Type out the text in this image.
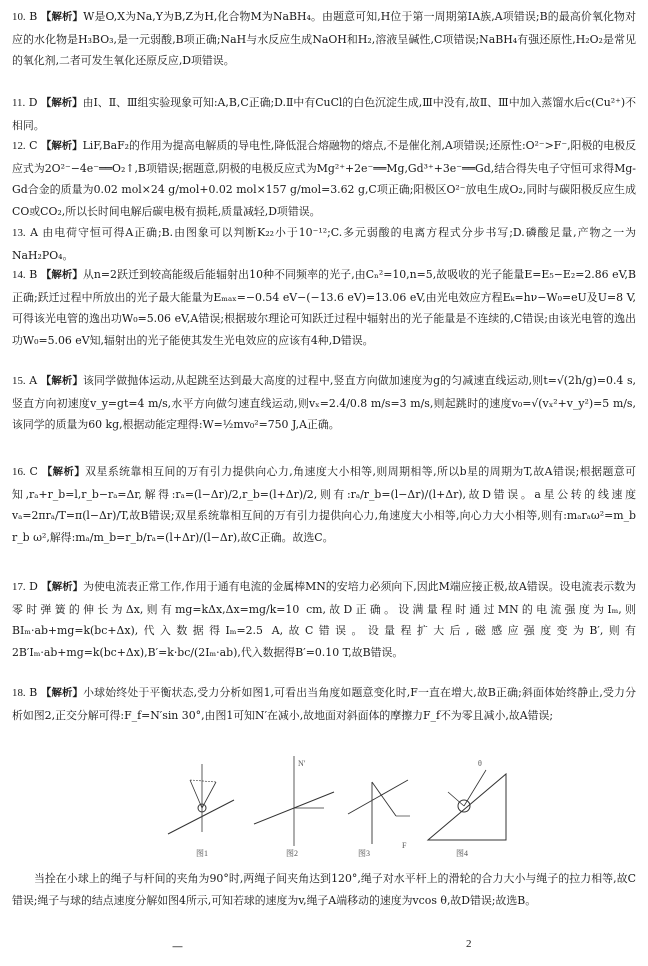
10. B 【解析】W是O,X为Na,Y为B,Z为H,化合物M为NaBH₄。由题意可知,H位于第一周期第ⅠA族,A项错误;B的最高价氧化物对应的水化物是H₃BO₃,是一元弱酸,B项正确;NaH与水反应生成NaOH和H₂,溶液呈碱性,C项错误;NaBH₄有强还原性,H₂O₂是常见的氧化剂,二者可发生氧化还原反应,D项错误。
11. D 【解析】由Ⅰ、Ⅱ、Ⅲ组实验现象可知:A,B,C正确;D.Ⅱ中有CuCl的白色沉淀生成,Ⅲ中没有,故Ⅱ、Ⅲ中加入蒸馏水后c(Cu²⁺)不相同。
12. C 【解析】LiF,BaF₂的作用为提高电解质的导电性,降低混合熔融物的熔点,不是催化剂,A项错误;还原性:O²⁻>F⁻,阳极的电极反应式为2O²⁻−4e⁻══O₂↑,B项错误;据题意,阴极的电极反应式为Mg²⁺+2e⁻══Mg,Gd³⁺+3e⁻══Gd,结合得失电子守恒可求得Mg-Gd合金的质量为0.02 mol×24 g/mol+0.02 mol×157 g/mol=3.62 g,C项正确;阳极区O²⁻放电生成O₂,同时与碳阳极反应生成CO或CO₂,所以长时间电解后碳电极有损耗,质量减轻,D项错误。
13. A 由电荷守恒可得A正确;B.由图象可以判断K₂₂小于10⁻¹²;C.多元弱酸的电离方程式分步书写;D.磷酸足量,产物之一为NaH₂PO₄。
14. B 【解析】从n=2跃迁到较高能级后能辐射出10种不同频率的光子,由Cₙ²=10,n=5,故吸收的光子能量E=E₅−E₂=2.86 eV,B正确;跃迁过程中所放出的光子最大能量为Eₘₐₓ=−0.54 eV−(−13.6 eV)=13.06 eV,由光电效应方程Eₖ=hν−W₀=eU及U=8 V,可得该光电管的逸出功W₀=5.06 eV,A错误;根据玻尔理论可知跃迁过程中辐射出的光子能量是不连续的,C错误;由该光电管的逸出功W₀=5.06 eV知,辐射出的光子能使其发生光电效应的应该有4种,D错误。
15. A 【解析】该同学做抛体运动,从起跳至达到最大高度的过程中,竖直方向做加速度为g的匀减速直线运动,则t=√(2h/g)=0.4 s,竖直方向初速度v_y=gt=4 m/s,水平方向做匀速直线运动,则vₓ=2.4/0.8 m/s=3 m/s,则起跳时的速度v₀=√(vₓ²+v_y²)=5 m/s,该同学的质量为60 kg,根据动能定理得:W=½mv₀²=750 J,A正确。
16. C 【解析】双星系统靠相互间的万有引力提供向心力,角速度大小相等,则周期相等,所以b星的周期为T,故A错误;根据题意可知,rₐ+r_b=l,r_b−rₐ=Δr,解得:rₐ=(l−Δr)/2,r_b=(l+Δr)/2,则有:rₐ/r_b=(l−Δr)/(l+Δr),故D错误。a星公转的线速度vₐ=2πrₐ/T=π(l−Δr)/T,故B错误;双星系统靠相互间的万有引力提供向心力,角速度大小相等,向心力大小相等,则有:mₐrₐω²=m_b r_b ω²,解得:mₐ/m_b=r_b/rₐ=(l+Δr)/(l−Δr),故C正确。故选C。
17. D 【解析】为使电流表正常工作,作用于通有电流的金属棒MN的安培力必须向下,因此M端应接正极,故A错误。设电流表示数为零时弹簧的伸长为Δx,则有mg=kΔx,Δx=mg/k=10 cm,故D正确。设满量程时通过MN的电流强度为Iₘ,则BIₘ·ab+mg=k(bc+Δx),代入数据得Iₘ=2.5 A,故C错误。设量程扩大后,磁感应强度变为B′,则有2B′Iₘ·ab+mg=k(bc+Δx),B′=k·bc/(2Iₘ·ab),代入数据得B′=0.10 T,故B错误。
18. B 【解析】小球始终处于平衡状态,受力分析如图1,可看出当角度如题意变化时,F一直在增大,故B正确;斜面体始终静止,受力分析如图2,正交分解可得:F_f=N′sin 30°,由图1可知N′在减小,故地面对斜面体的摩擦力F_f不为零且减小,故A错误;
图1
N′
图2
F
图3
θ
图4
当拴在小球上的绳子与杆间的夹角为90°时,两绳子间夹角达到120°,绳子对水平杆上的滑轮的合力大小与绳子的拉力相等,故C错误;绳子与球的结点速度分解如图4所示,可知若球的速度为v,绳子A端移动的速度为vcos θ,故D错误;故选B。
—	2
